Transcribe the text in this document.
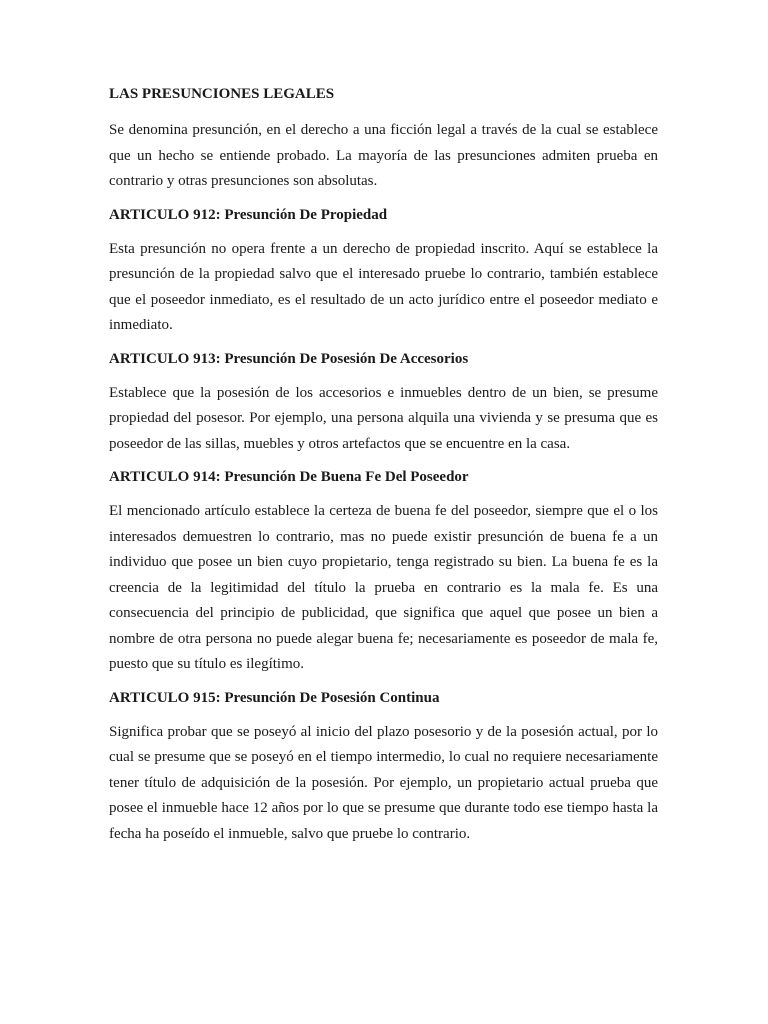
LAS PRESUNCIONES LEGALES

Se denomina presunción, en el derecho a una ficción legal a través de la cual se establece que un hecho se entiende probado. La mayoría de las presunciones admiten prueba en contrario y otras presunciones son absolutas.

ARTICULO 912: Presunción De Propiedad

Esta presunción no opera frente a un derecho de propiedad inscrito. Aquí se establece la presunción de la propiedad salvo que el interesado pruebe lo contrario, también establece que el poseedor inmediato, es el resultado de un acto jurídico entre el poseedor mediato e inmediato.

ARTICULO 913: Presunción De Posesión De Accesorios

Establece que la posesión de los accesorios e inmuebles dentro de un bien, se presume propiedad del posesor. Por ejemplo, una persona alquila una vivienda y se presuma que es poseedor de las sillas, muebles y otros artefactos que se encuentre en la casa.

ARTICULO 914: Presunción De Buena Fe Del Poseedor

El mencionado artículo establece la certeza de buena fe del poseedor, siempre que el o los interesados demuestren lo contrario, mas no puede existir presunción de buena fe a un individuo que posee un bien cuyo propietario, tenga registrado su bien. La buena fe es la creencia de la legitimidad del título la prueba en contrario es la mala fe. Es una consecuencia del principio de publicidad, que significa que aquel que posee un bien a nombre de otra persona no puede alegar buena fe; necesariamente es poseedor de mala fe, puesto que su título es ilegítimo.

ARTICULO 915: Presunción De Posesión Continua

Significa probar que se poseyó al inicio del plazo posesorio y de la posesión actual, por lo cual se presume que se poseyó en el tiempo intermedio, lo cual no requiere necesariamente tener título de adquisición de la posesión. Por ejemplo, un propietario actual prueba que posee el inmueble hace 12 años por lo que se presume que durante todo ese tiempo hasta la fecha ha poseído el inmueble, salvo que pruebe lo contrario.
